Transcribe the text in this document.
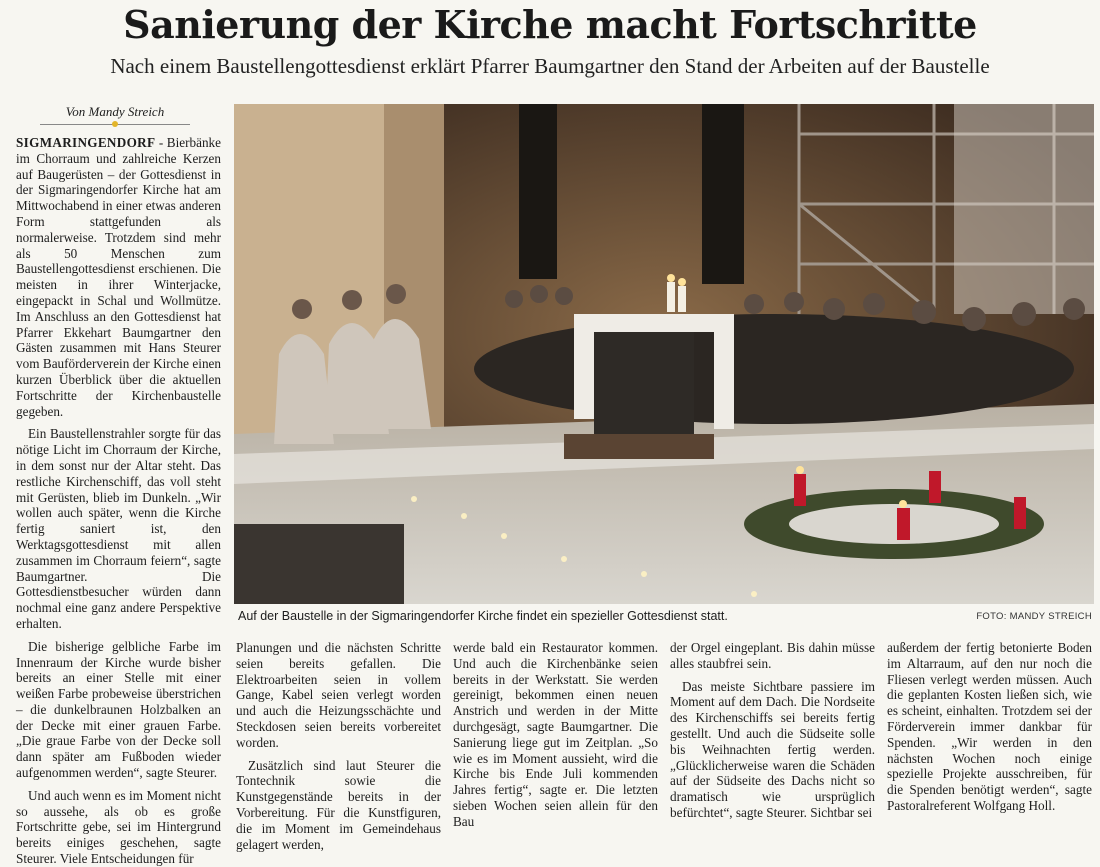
Sanierung der Kirche macht Fortschritte
Nach einem Baustellengottesdienst erklärt Pfarrer Baumgartner den Stand der Arbeiten auf der Baustelle
Von Mandy Streich

SIGMARINGENDORF - Bierbänke im Chorraum und zahlreiche Kerzen auf Baugerüsten – der Gottesdienst in der Sigmaringendorfer Kirche hat am Mittwochabend in einer etwas anderen Form stattgefunden als normalerweise. Trotzdem sind mehr als 50 Menschen zum Baustellengottesdienst erschienen. Die meisten in ihrer Winterjacke, eingepackt in Schal und Wollmütze. Im Anschluss an den Gottesdienst hat Pfarrer Ekkehart Baumgartner den Gästen zusammen mit Hans Steurer vom Bauförderverein der Kirche einen kurzen Überblick über die aktuellen Fortschritte der Kirchenbaustelle gegeben.

Ein Baustellenstrahler sorgte für das nötige Licht im Chorraum der Kirche, in dem sonst nur der Altar steht. Das restliche Kirchenschiff, das voll steht mit Gerüsten, blieb im Dunkeln. „Wir wollen auch später, wenn die Kirche fertig saniert ist, den Werktagsgottesdienst mit allen zusammen im Chorraum feiern“, sagte Baumgartner. Die Gottesdienstbesucher würden dann nochmal eine ganz andere Perspektive erhalten.

Die bisherige gelbliche Farbe im Innenraum der Kirche wurde bisher bereits an einer Stelle mit einer weißen Farbe probeweise überstrichen – die dunkelbraunen Holzbalken an der Decke mit einer grauen Farbe. „Die graue Farbe von der Decke soll dann später am Fußboden wieder aufgenommen werden“, sagte Steurer.

Und auch wenn es im Moment nicht so aussehe, als ob es große Fortschritte gebe, sei im Hintergrund bereits einiges geschehen, sagte Steurer. Viele Entscheidungen für

Auf der Baustelle in der Sigmaringendorfer Kirche findet ein spezieller Gottesdienst statt.	FOTO: MANDY STREICH

Planungen und die nächsten Schritte seien bereits gefallen. Die Elektroarbeiten seien in vollem Gange, Kabel seien verlegt worden und auch die Heizungsschächte und Steckdosen seien bereits vorbereitet worden.

Zusätzlich sind laut Steurer die Tontechnik sowie die Kunstgegenstände bereits in der Vorbereitung. Für die Kunstfiguren, die im Moment im Gemeindehaus gelagert werden,

werde bald ein Restaurator kommen. Und auch die Kirchenbänke seien bereits in der Werkstatt. Sie werden gereinigt, bekommen einen neuen Anstrich und werden in der Mitte durchgesägt, sagte Baumgartner. Die Sanierung liege gut im Zeitplan. „So wie es im Moment aussieht, wird die Kirche bis Ende Juli kommenden Jahres fertig“, sagte er. Die letzten sieben Wochen seien allein für den Bau

der Orgel eingeplant. Bis dahin müsse alles staubfrei sein.

Das meiste Sichtbare passiere im Moment auf dem Dach. Die Nordseite des Kirchenschiffs sei bereits fertig gestellt. Und auch die Südseite solle bis Weihnachten fertig werden. „Glücklicherweise waren die Schäden auf der Südseite des Dachs nicht so dramatisch wie ursprüglich befürchtet“, sagte Steurer. Sichtbar sei

außerdem der fertig betonierte Boden im Altarraum, auf den nur noch die Fliesen verlegt werden müssen. Auch die geplanten Kosten ließen sich, wie es scheint, einhalten. Trotzdem sei der Förderverein immer dankbar für Spenden. „Wir werden in den nächsten Wochen noch einige spezielle Projekte ausschreiben, für die Spenden benötigt werden“, sagte Pastoralreferent Wolfgang Holl.
